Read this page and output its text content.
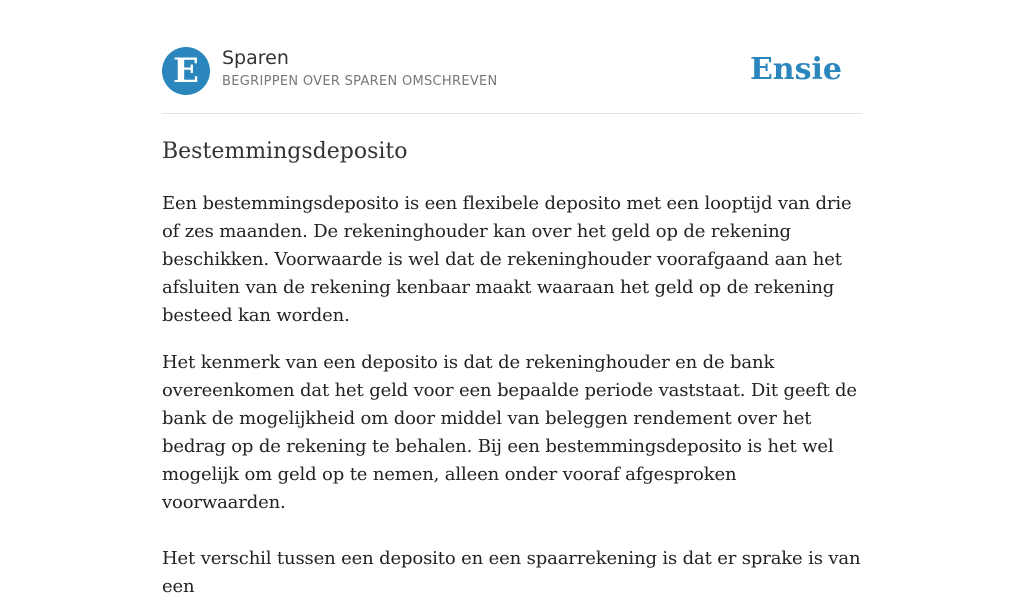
E	Sparen
BEGRIPPEN OVER SPAREN OMSCHREVEN	Ensie
Bestemmingsdeposito

Een bestemmingsdeposito is een flexibele deposito met een looptijd van drie of zes maanden. De rekeninghouder kan over het geld op de rekening beschikken. Voorwaarde is wel dat de rekeninghouder voorafgaand aan het afsluiten van de rekening kenbaar maakt waaraan het geld op de rekening besteed kan worden.

Het kenmerk van een deposito is dat de rekeninghouder en de bank overeenkomen dat het geld voor een bepaalde periode vaststaat. Dit geeft de bank de mogelijkheid om door middel van beleggen rendement over het bedrag op de rekening te behalen. Bij een bestemmingsdeposito is het wel mogelijk om geld op te nemen, alleen onder vooraf afgesproken voorwaarden.

Het verschil tussen een deposito en een spaarrekening is dat er sprake is van een
